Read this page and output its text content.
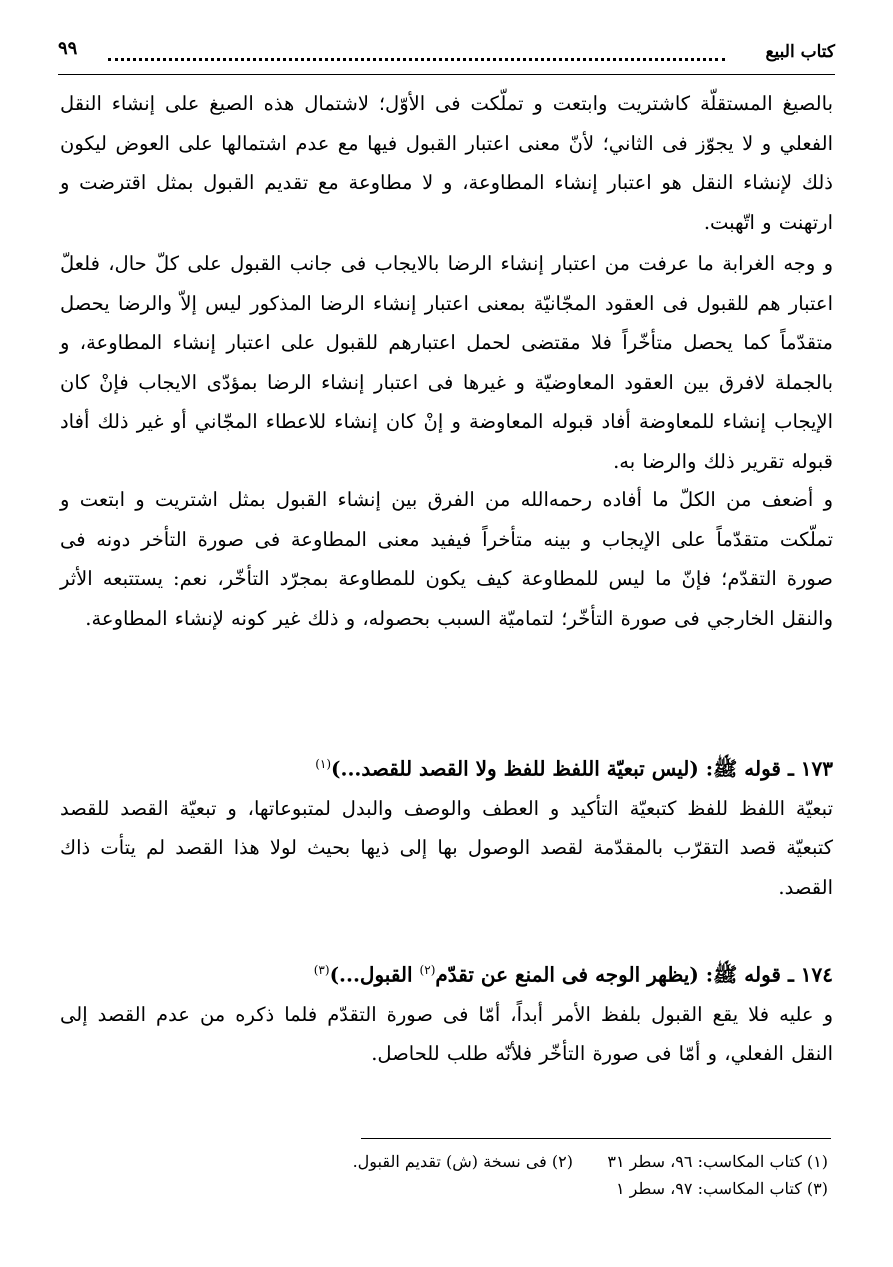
كتاب البيع
٩٩

بالصيغ المستقلّة كاشتريت وابتعت و تملّكت فى الأوّل؛ لاشتمال هذه الصيغ على إنشاء النقل الفعلي و لا يجوّز فى الثاني؛ لأنّ معنى اعتبار القبول فيها مع عدم اشتمالها على العوض ليكون ذلك لإنشاء النقل هو اعتبار إنشاء المطاوعة، و لا مطاوعة مع تقديم القبول بمثل اقترضت و ارتهنت و اتّهبت.

و وجه الغرابة ما عرفت من اعتبار إنشاء الرضا بالايجاب فى جانب القبول على كلّ حال، فلعلّ اعتبار هم للقبول فى العقود المجّانيّة بمعنى اعتبار إنشاء الرضا المذكور ليس إلاّ والرضا يحصل متقدّماً كما يحصل متأخّراً فلا مقتضى لحمل اعتبارهم للقبول على اعتبار إنشاء المطاوعة، و بالجملة لافرق بين العقود المعاوضيّة و غيرها فى اعتبار إنشاء الرضا بمؤدّى الايجاب فإنْ كان الإيجاب إنشاء للمعاوضة أفاد قبوله المعاوضة و إنْ كان إنشاء للاعطاء المجّاني أو غير ذلك أفاد قبوله تقرير ذلك والرضا به.

و أضعف من الكلّ ما أفاده رحمه‌الله من الفرق بين إنشاء القبول بمثل اشتريت و ابتعت و تملّكت متقدّماً على الإيجاب و بينه متأخراً فيفيد معنى المطاوعة فى صورة التأخر دونه فى صورة التقدّم؛ فإنّ ما ليس للمطاوعة كيف يكون للمطاوعة بمجرّد التأخّر، نعم: يستتبعه الأثر والنقل الخارجي فى صورة التأخّر؛ لتماميّة السبب بحصوله، و ذلك غير كونه لإنشاء المطاوعة.

١٧٣ ـ قوله ﷺ: (ليس تبعيّة اللفظ للفظ ولا القصد للقصد...)$^{(١)}$

تبعيّة اللفظ للفظ كتبعيّة التأكيد و العطف والوصف والبدل لمتبوعاتها، و تبعيّة القصد للقصد كتبعيّة قصد التقرّب بالمقدّمة لقصد الوصول بها إلى ذيها بحيث لولا هذا القصد لم يتأت ذاك القصد.

١٧٤ ـ قوله ﷺ: (يظهر الوجه فى المنع عن تقدّم$^{(٢)}$ القبول...)$^{(٣)}$

و عليه فلا يقع القبول بلفظ الأمر أبداً، أمّا فى صورة التقدّم فلما ذكره من عدم القصد إلى النقل الفعلي، و أمّا فى صورة التأخّر فلأنّه طلب للحاصل.

(١) كتاب المكاسب: ٩٦، سطر ٣١
(٢) فى نسخة (ش) تقديم القبول.
(٣) كتاب المكاسب: ٩٧، سطر ١
